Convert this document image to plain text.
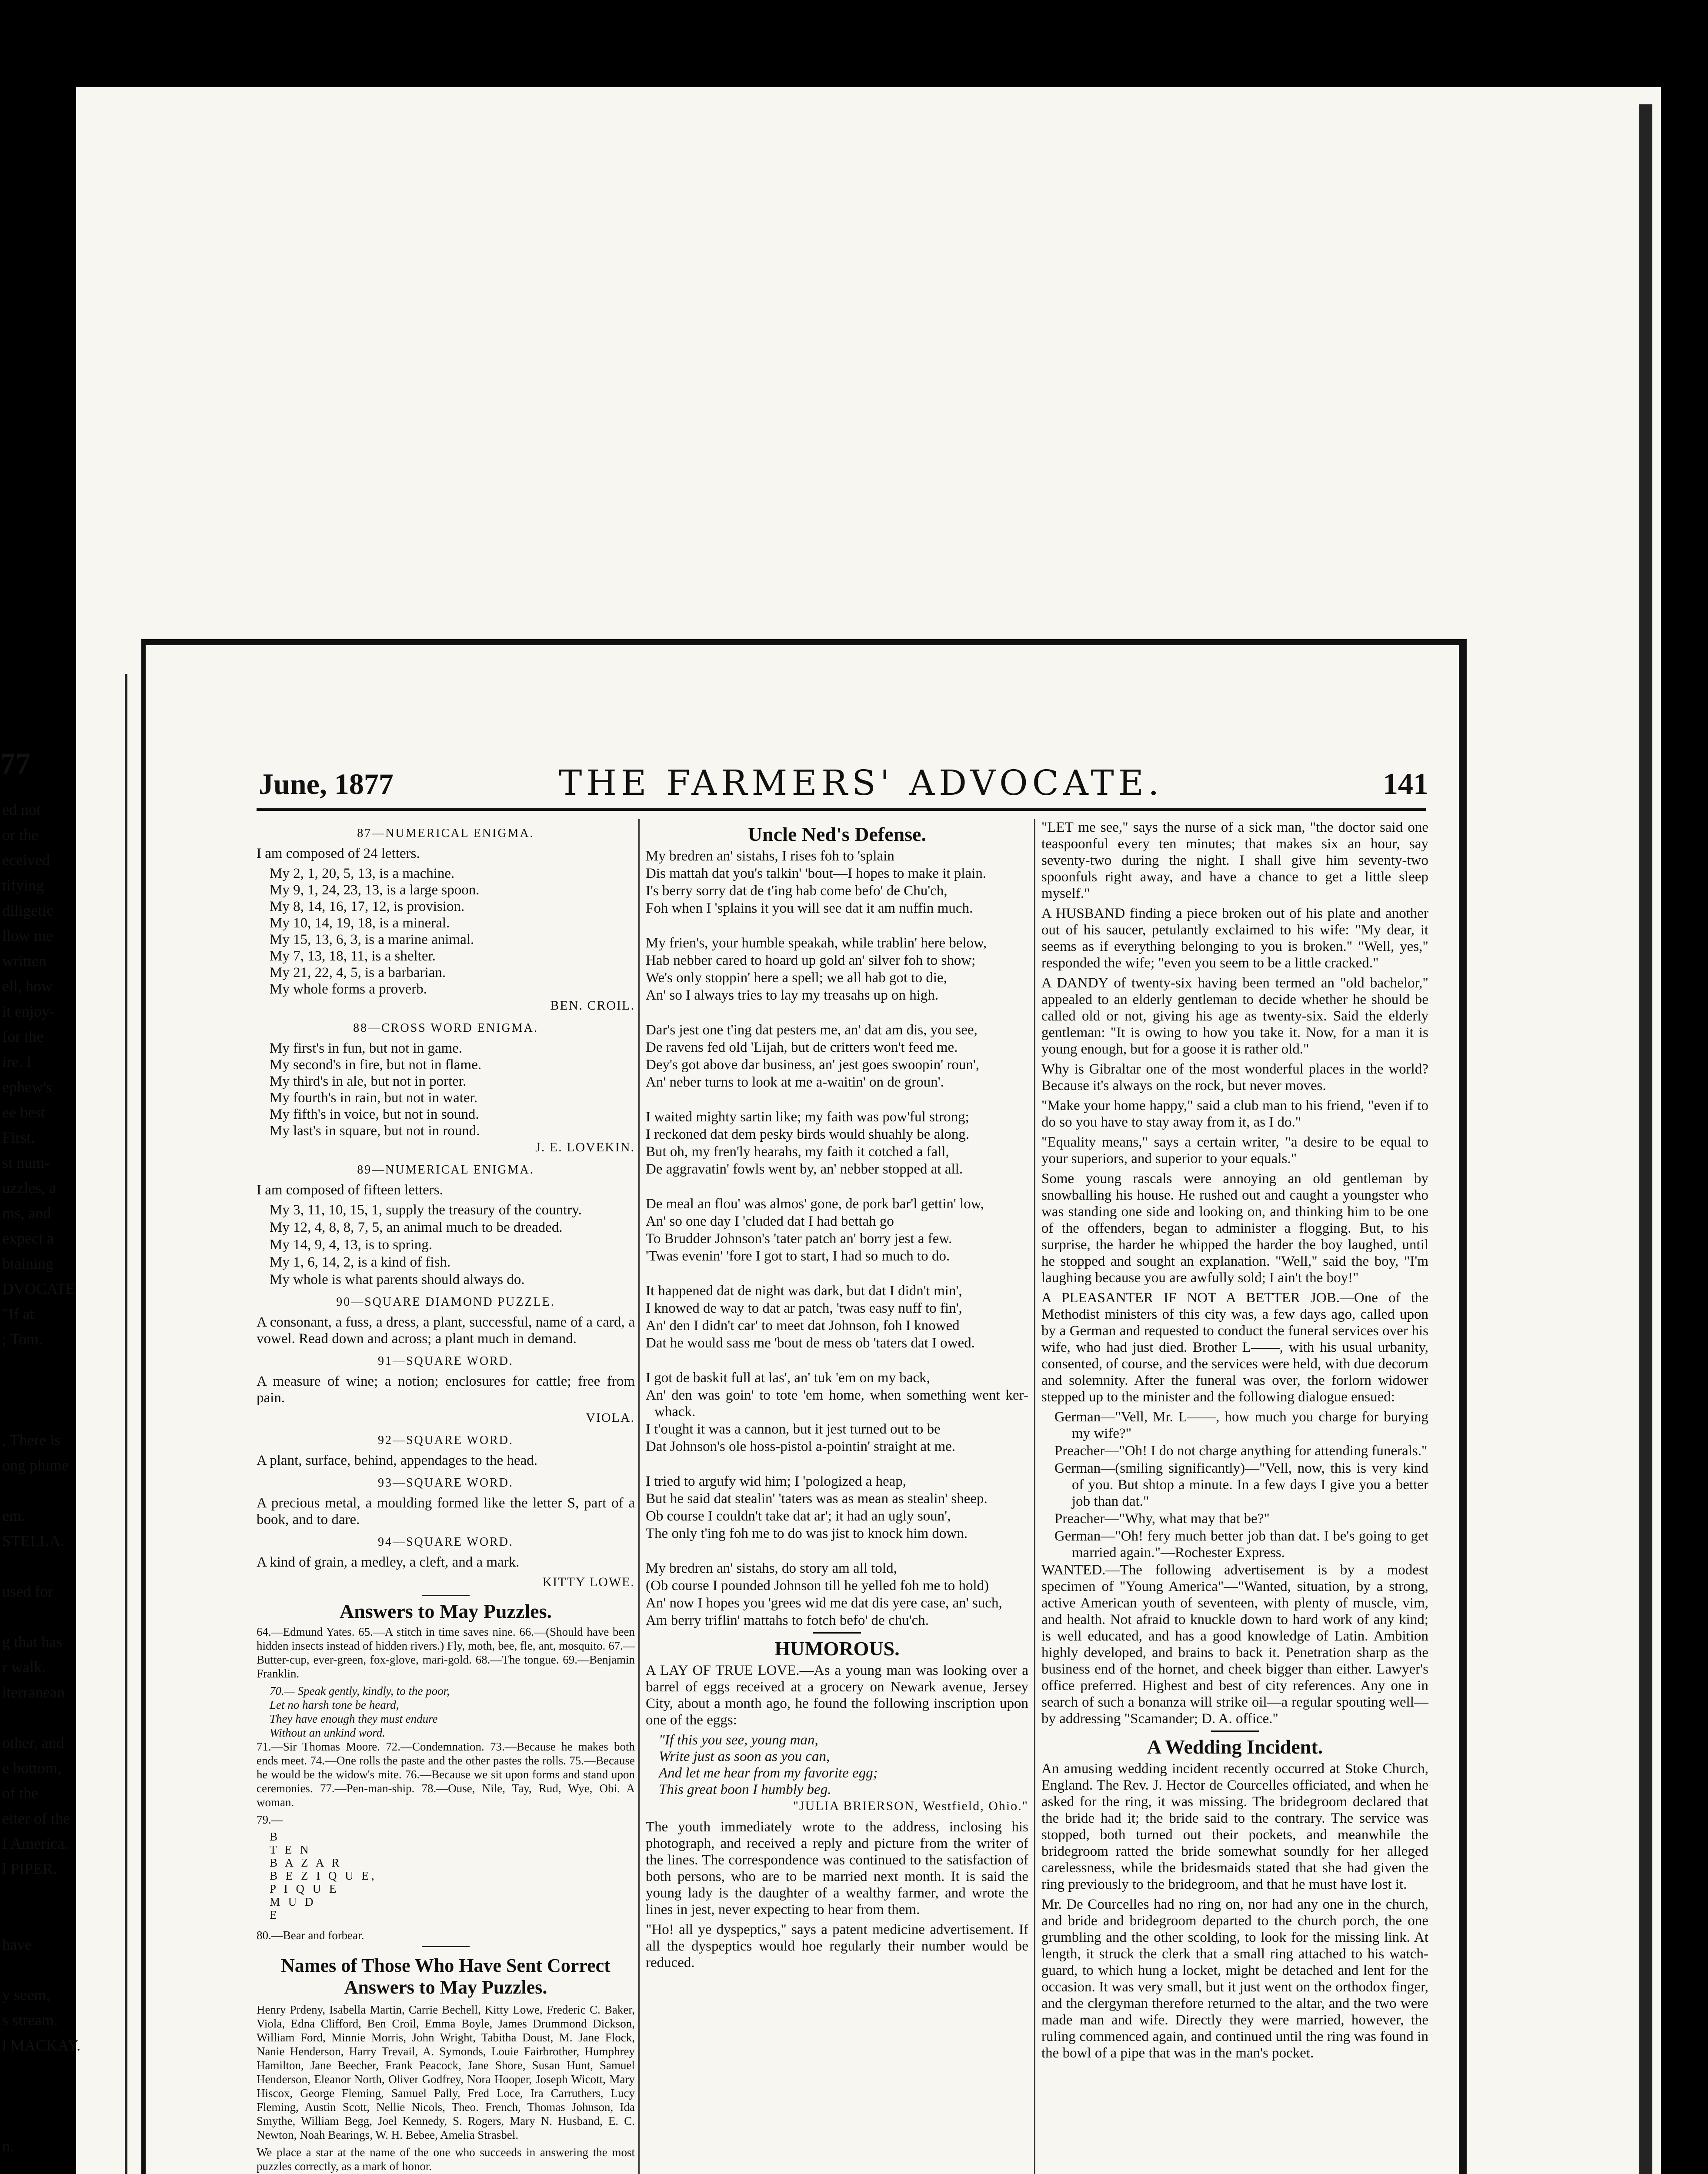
77
ed not
or the
eceived
tifying
diligetic
llow me
written
ell, how
it enjoy-
for the
ire. I
ephew's
ee best
First,
st num-
uzzles, a
ms, and
expect a
btaining
DVOCATE
"If at
; Tom.
, There is
ong plume
em.
STELLA.
used for
g that has
r walk.
iterranean
other, and
e bottom,
of the
etter of the
f America.
l PIPER.
have
y seem,
s stream.
l MACKAY.
n.
June, 1877	THE FARMERS' ADVOCATE.	141
87—NUMERICAL ENIGMA.

I am composed of 24 letters.

My 2, 1, 20, 5, 13, is a machine.

My 9, 1, 24, 23, 13, is a large spoon.

My 8, 14, 16, 17, 12, is provision.

My 10, 14, 19, 18, is a mineral.

My 15, 13, 6, 3, is a marine animal.

My 7, 13, 18, 11, is a shelter.

My 21, 22, 4, 5, is a barbarian.

My whole forms a proverb.

BEN. CROIL.
88—CROSS WORD ENIGMA.

My first's in fun, but not in game.

My second's in fire, but not in flame.

My third's in ale, but not in porter.

My fourth's in rain, but not in water.

My fifth's in voice, but not in sound.

My last's in square, but not in round.

J. E. LOVEKIN.
89—NUMERICAL ENIGMA.

I am composed of fifteen letters.

My 3, 11, 10, 15, 1, supply the treasury of the country.

My 12, 4, 8, 8, 7, 5, an animal much to be dreaded.

My 14, 9, 4, 13, is to spring.

My 1, 6, 14, 2, is a kind of fish.

My whole is what parents should always do.

90—SQUARE DIAMOND PUZZLE.

A consonant, a fuss, a dress, a plant, successful, name of a card, a vowel. Read down and across; a plant much in demand.

91—SQUARE WORD.

A measure of wine; a notion; enclosures for cattle; free from pain.

VIOLA.
92—SQUARE WORD.

A plant, surface, behind, appendages to the head.

93—SQUARE WORD.

A precious metal, a moulding formed like the letter S, part of a book, and to dare.

94—SQUARE WORD.

A kind of grain, a medley, a cleft, and a mark.

KITTY LOWE.
Answers to May Puzzles.

64.—Edmund Yates. 65.—A stitch in time saves nine. 66.—(Should have been hidden insects instead of hidden rivers.) Fly, moth, bee, fle, ant, mosquito. 67.—Butter-cup, ever-green, fox-glove, mari-gold. 68.—The tongue. 69.—Benjamin Franklin.

70.— Speak gently, kindly, to the poor,

Let no harsh tone be heard,

They have enough they must endure

Without an unkind word.

71.—Sir Thomas Moore. 72.—Condemnation. 73.—Because he makes both ends meet. 74.—One rolls the paste and the other pastes the rolls. 75.—Because he would be the widow's mite. 76.—Because we sit upon forms and stand upon ceremonies. 77.—Pen-man-ship. 78.—Ouse, Nile, Tay, Rud, Wye, Obi. A woman.

79.—

B

T E N

B A Z A R

B E Z I Q U E,

P I Q U E

M U D

E

80.—Bear and forbear.

Names of Those Who Have Sent Correct Answers to May Puzzles.

Henry Prdeny, Isabella Martin, Carrie Bechell, Kitty Lowe, Frederic C. Baker, Viola, Edna Clifford, Ben Croil, Emma Boyle, James Drummond Dickson, William Ford, Minnie Morris, John Wright, Tabitha Doust, M. Jane Flock, Nanie Henderson, Harry Trevail, A. Symonds, Louie Fairbrother, Humphrey Hamilton, Jane Beecher, Frank Peacock, Jane Shore, Susan Hunt, Samuel Henderson, Eleanor North, Oliver Godfrey, Nora Hooper, Joseph Wicott, Mary Hiscox, George Fleming, Samuel Pally, Fred Loce, Ira Carruthers, Lucy Fleming, Austin Scott, Nellie Nicols, Theo. French, Thomas Johnson, Ida Smythe, William Begg, Joel Kennedy, S. Rogers, Mary N. Husband, E. C. Newton, Noah Bearings, W. H. Bebee, Amelia Strasbel.

We place a star at the name of the one who succeeds in answering the most puzzles correctly, as a mark of honor.

Uncle Ned's Defense.

My bredren an' sistahs, I rises foh to 'splain

Dis mattah dat you's talkin' 'bout—I hopes to make it plain.

I's berry sorry dat de t'ing hab come befo' de Chu'ch,

Foh when I 'splains it you will see dat it am nuffin much.

My frien's, your humble speakah, while trablin' here below,

Hab nebber cared to hoard up gold an' silver foh to show;

We's only stoppin' here a spell; we all hab got to die,

An' so I always tries to lay my treasahs up on high.

Dar's jest one t'ing dat pesters me, an' dat am dis, you see,

De ravens fed old 'Lijah, but de critters won't feed me.

Dey's got above dar business, an' jest goes swoopin' roun',

An' neber turns to look at me a-waitin' on de groun'.

I waited mighty sartin like; my faith was pow'ful strong;

I reckoned dat dem pesky birds would shuahly be along.

But oh, my fren'ly hearahs, my faith it cotched a fall,

De aggravatin' fowls went by, an' nebber stopped at all.

De meal an flou' was almos' gone, de pork bar'l gettin' low,

An' so one day I 'cluded dat I had bettah go

To Brudder Johnson's 'tater patch an' borry jest a few.

'Twas evenin' 'fore I got to start, I had so much to do.

It happened dat de night was dark, but dat I didn't min',

I knowed de way to dat ar patch, 'twas easy nuff to fin',

An' den I didn't car' to meet dat Johnson, foh I knowed

Dat he would sass me 'bout de mess ob 'taters dat I owed.

I got de baskit full at las', an' tuk 'em on my back,

An' den was goin' to tote 'em home, when something went ker-whack.

I t'ought it was a cannon, but it jest turned out to be

Dat Johnson's ole hoss-pistol a-pointin' straight at me.

I tried to argufy wid him; I 'pologized a heap,

But he said dat stealin' 'taters was as mean as stealin' sheep.

Ob course I couldn't take dat ar'; it had an ugly soun',

The only t'ing foh me to do was jist to knock him down.

My bredren an' sistahs, do story am all told,

(Ob course I pounded Johnson till he yelled foh me to hold)

An' now I hopes you 'grees wid me dat dis yere case, an' such,

Am berry triflin' mattahs to fotch befo' de chu'ch.

HUMOROUS.

A LAY OF TRUE LOVE.—As a young man was looking over a barrel of eggs received at a grocery on Newark avenue, Jersey City, about a month ago, he found the following inscription upon one of the eggs:

"If this you see, young man,

Write just as soon as you can,

And let me hear from my favorite egg;

This great boon I humbly beg.

"JULIA BRIERSON, Westfield, Ohio."

The youth immediately wrote to the address, inclosing his photograph, and received a reply and picture from the writer of the lines. The correspondence was continued to the satisfaction of both persons, who are to be married next month. It is said the young lady is the daughter of a wealthy farmer, and wrote the lines in jest, never expecting to hear from them.

"Ho! all ye dyspeptics," says a patent medicine advertisement. If all the dyspeptics would hoe regularly their number would be reduced.

"LET me see," says the nurse of a sick man, "the doctor said one teaspoonful every ten minutes; that makes six an hour, say seventy-two during the night. I shall give him seventy-two spoonfuls right away, and have a chance to get a little sleep myself."

A HUSBAND finding a piece broken out of his plate and another out of his saucer, petulantly exclaimed to his wife: "My dear, it seems as if everything belonging to you is broken." "Well, yes," responded the wife; "even you seem to be a little cracked."

A DANDY of twenty-six having been termed an "old bachelor," appealed to an elderly gentleman to decide whether he should be called old or not, giving his age as twenty-six. Said the elderly gentleman: "It is owing to how you take it. Now, for a man it is young enough, but for a goose it is rather old."

Why is Gibraltar one of the most wonderful places in the world? Because it's always on the rock, but never moves.

"Make your home happy," said a club man to his friend, "even if to do so you have to stay away from it, as I do."

"Equality means," says a certain writer, "a desire to be equal to your superiors, and superior to your equals."

Some young rascals were annoying an old gentleman by snowballing his house. He rushed out and caught a youngster who was standing one side and looking on, and thinking him to be one of the offenders, began to administer a flogging. But, to his surprise, the harder he whipped the harder the boy laughed, until he stopped and sought an explanation. "Well," said the boy, "I'm laughing because you are awfully sold; I ain't the boy!"

A PLEASANTER IF NOT A BETTER JOB.—One of the Methodist ministers of this city was, a few days ago, called upon by a German and requested to conduct the funeral services over his wife, who had just died. Brother L——, with his usual urbanity, consented, of course, and the services were held, with due decorum and solemnity. After the funeral was over, the forlorn widower stepped up to the minister and the following dialogue ensued:

German—"Vell, Mr. L——, how much you charge for burying my wife?"

Preacher—"Oh! I do not charge anything for attending funerals."

German—(smiling significantly)—"Vell, now, this is very kind of you. But shtop a minute. In a few days I give you a better job than dat."

Preacher—"Why, what may that be?"

German—"Oh! fery much better job than dat. I be's going to get married again."—Rochester Express.

WANTED.—The following advertisement is by a modest specimen of "Young America"—"Wanted, situation, by a strong, active American youth of seventeen, with plenty of muscle, vim, and health. Not afraid to knuckle down to hard work of any kind; is well educated, and has a good knowledge of Latin. Ambition highly developed, and brains to back it. Penetration sharp as the business end of the hornet, and cheek bigger than either. Lawyer's office preferred. Highest and best of city references. Any one in search of such a bonanza will strike oil—a regular spouting well—by addressing "Scamander; D. A. office."

A Wedding Incident.

An amusing wedding incident recently occurred at Stoke Church, England. The Rev. J. Hector de Courcelles officiated, and when he asked for the ring, it was missing. The bridegroom declared that the bride had it; the bride said to the contrary. The service was stopped, both turned out their pockets, and meanwhile the bridegroom ratted the bride somewhat soundly for her alleged carelessness, while the bridesmaids stated that she had given the ring previously to the bridegroom, and that he must have lost it.

Mr. De Courcelles had no ring on, nor had any one in the church, and bride and bridegroom departed to the church porch, the one grumbling and the other scolding, to look for the missing link. At length, it struck the clerk that a small ring attached to his watch-guard, to which hung a locket, might be detached and lent for the occasion. It was very small, but it just went on the orthodox finger, and the clergyman therefore returned to the altar, and the two were made man and wife. Directly they were married, however, the ruling commenced again, and continued until the ring was found in the bowl of a pipe that was in the man's pocket.
